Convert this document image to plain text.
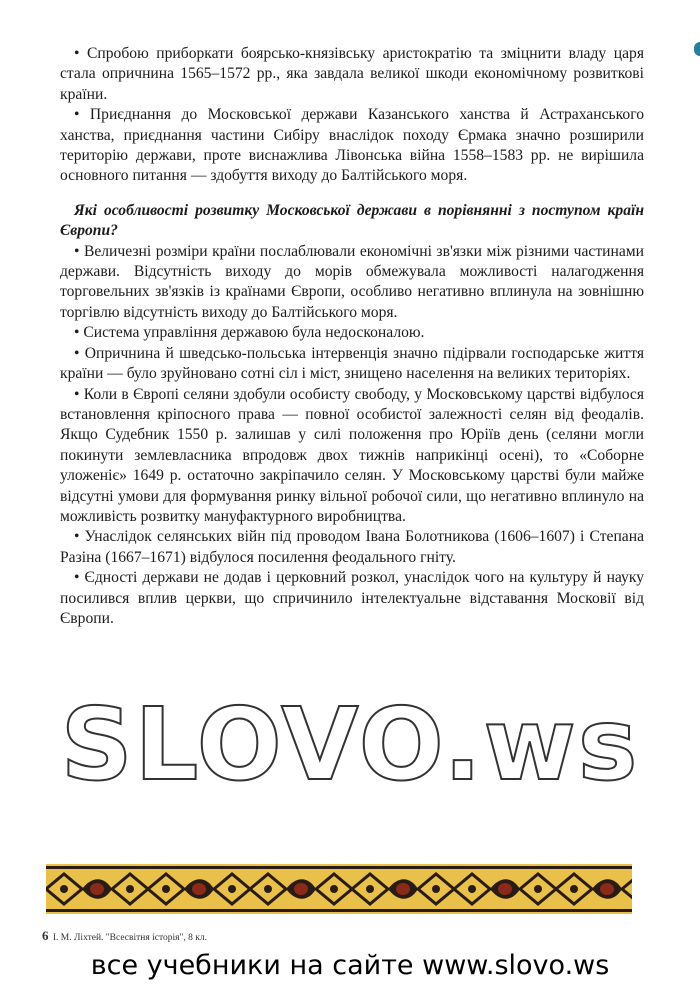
• Спробою приборкати боярсько-князівську аристократію та зміцнити владу царя стала опричнина 1565–1572 рр., яка завдала великої шкоди економічному розвиткові країни.

• Приєднання до Московської держави Казанського ханства й Астраханського ханства, приєднання частини Сибіру внаслідок походу Єрмака значно розширили територію держави, проте виснажлива Лівонська війна 1558–1583 рр. не вирішила основного питання — здобуття виходу до Балтійського моря.

Які особливості розвитку Московської держави в порівнянні з поступом країн Європи?

• Величезні розміри країни послаблювали економічні зв'язки між різними частинами держави. Відсутність виходу до морів обмежувала можливості налагодження торговельних зв'язків із країнами Європи, особливо негативно вплинула на зовнішню торгівлю відсутність виходу до Балтійського моря.

• Система управління державою була недосконалою.

• Опричнина й шведсько-польська інтервенція значно підірвали господарське життя країни — було зруйновано сотні сіл і міст, знищено населення на великих територіях.

• Коли в Європі селяни здобули особисту свободу, у Московському царстві відбулося встановлення кріпосного права — повної особистої залежності селян від феодалів. Якщо Судебник 1550 р. залишав у силі положення про Юріїв день (селяни могли покинути землевласника впродовж двох тижнів наприкінці осені), то «Соборне уложеніє» 1649 р. остаточно закріпачило селян. У Московському царстві були майже відсутні умови для формування ринку вільної робочої сили, що негативно вплинуло на можливість розвитку мануфактурного виробництва.

• Унаслідок селянських війн під проводом Івана Болотникова (1606–1607) і Степана Разіна (1667–1671) відбулося посилення феодального гніту.

• Єдності держави не додав і церковний розкол, унаслідок чого на культуру й науку посилився вплив церкви, що спричинило інтелектуальне відставання Московії від Європи.

SLOVO.ws
6 І. М. Ліхтей. "Всесвітня історія", 8 кл.
все учебники на сайте www.slovo.ws
